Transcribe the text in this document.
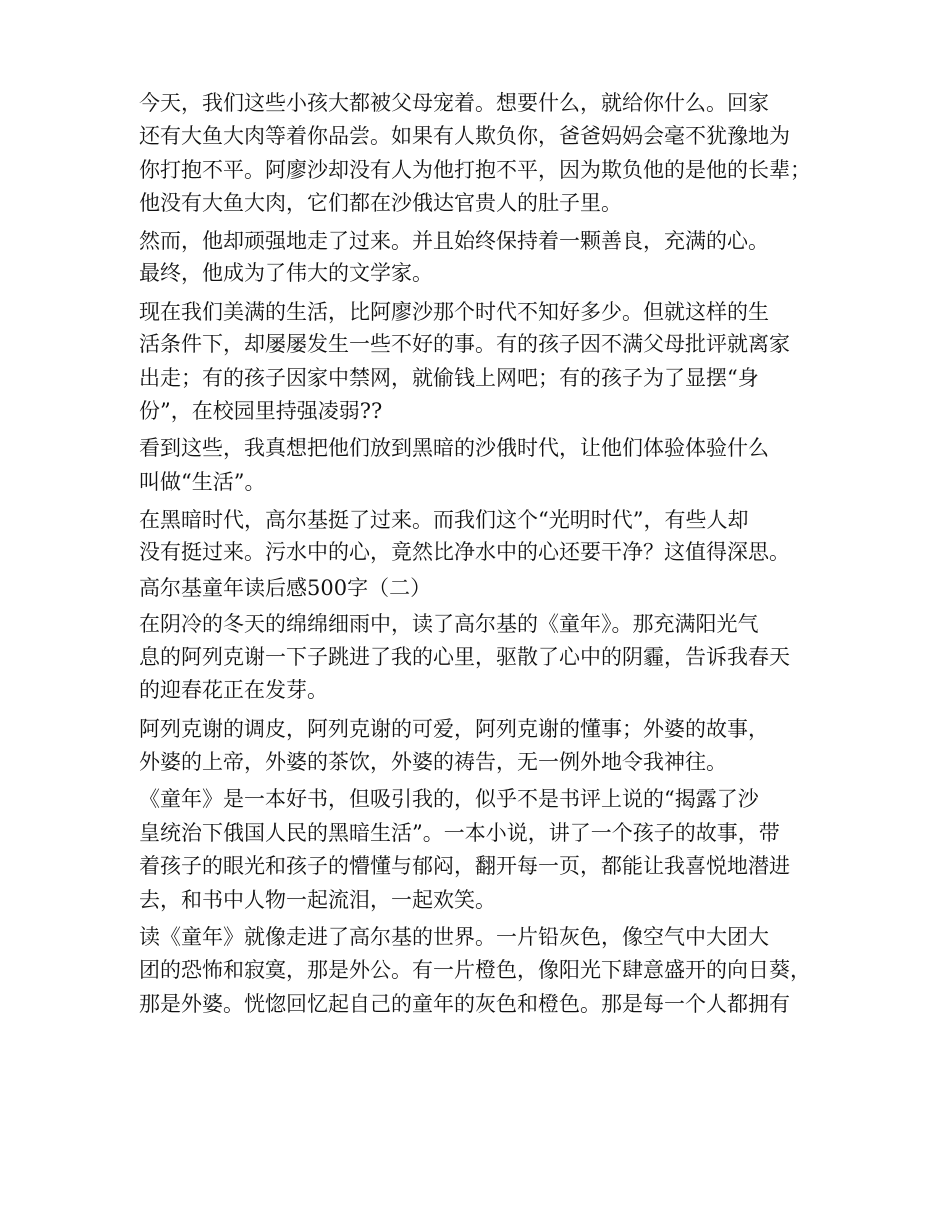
今天，我们这些小孩大都被父母宠着。想要什么，就给你什么。回家
还有大鱼大肉等着你品尝。如果有人欺负你，爸爸妈妈会毫不犹豫地为
你打抱不平。阿廖沙却没有人为他打抱不平，因为欺负他的是他的长辈；
他没有大鱼大肉，它们都在沙俄达官贵人的肚子里。
然而，他却顽强地走了过来。并且始终保持着一颗善良，充满的心。
最终，他成为了伟大的文学家。
现在我们美满的生活，比阿廖沙那个时代不知好多少。但就这样的生
活条件下，却屡屡发生一些不好的事。有的孩子因不满父母批评就离家
出走；有的孩子因家中禁网，就偷钱上网吧；有的孩子为了显摆“身
份”，在校园里持强凌弱??
看到这些，我真想把他们放到黑暗的沙俄时代，让他们体验体验什么
叫做“生活”。
在黑暗时代，高尔基挺了过来。而我们这个“光明时代”，有些人却
没有挺过来。污水中的心，竟然比净水中的心还要干净？这值得深思。
高尔基童年读后感500字（二）
在阴冷的冬天的绵绵细雨中，读了高尔基的《童年》。那充满阳光气
息的阿列克谢一下子跳进了我的心里，驱散了心中的阴霾，告诉我春天
的迎春花正在发芽。
阿列克谢的调皮，阿列克谢的可爱，阿列克谢的懂事；外婆的故事，
外婆的上帝，外婆的茶饮，外婆的祷告，无一例外地令我神往。
《童年》是一本好书，但吸引我的，似乎不是书评上说的“揭露了沙
皇统治下俄国人民的黑暗生活”。一本小说，讲了一个孩子的故事，带
着孩子的眼光和孩子的懵懂与郁闷，翻开每一页，都能让我喜悦地潜进
去，和书中人物一起流泪，一起欢笑。
读《童年》就像走进了高尔基的世界。一片铅灰色，像空气中大团大
团的恐怖和寂寞，那是外公。有一片橙色，像阳光下肆意盛开的向日葵，
那是外婆。恍惚回忆起自己的童年的灰色和橙色。那是每一个人都拥有
